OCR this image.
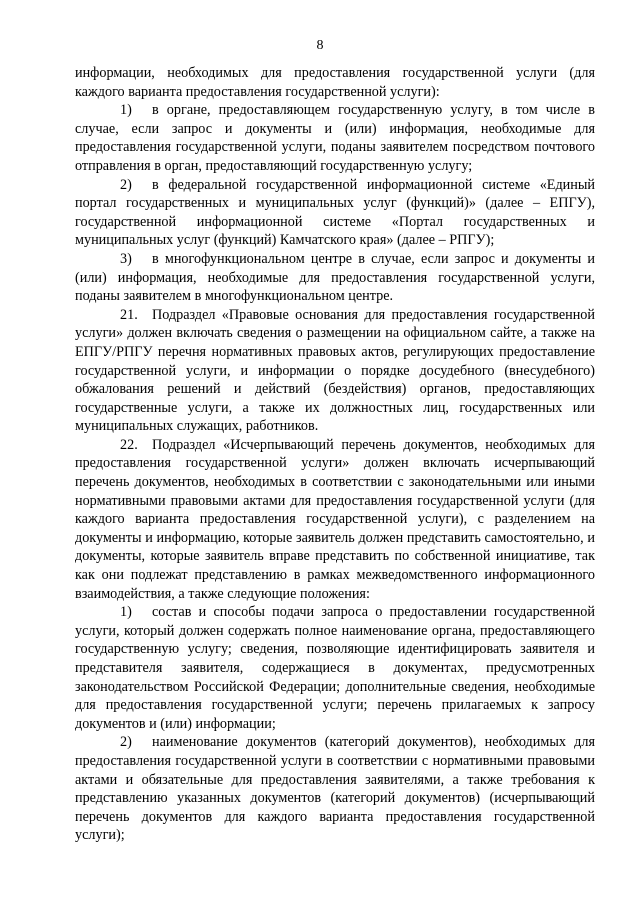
8

информации, необходимых для предоставления государственной услуги (для каждого варианта предоставления государственной услуги):

1) в органе, предоставляющем государственную услугу, в том числе в случае, если запрос и документы и (или) информация, необходимые для предоставления государственной услуги, поданы заявителем посредством почтового отправления в орган, предоставляющий государственную услугу;

2) в федеральной государственной информационной системе «Единый портал государственных и муниципальных услуг (функций)» (далее – ЕПГУ), государственной информационной системе «Портал государственных и муниципальных услуг (функций) Камчатского края» (далее – РПГУ);

3) в многофункциональном центре в случае, если запрос и документы и (или) информация, необходимые для предоставления государственной услуги, поданы заявителем в многофункциональном центре.

21. Подраздел «Правовые основания для предоставления государственной услуги» должен включать сведения о размещении на официальном сайте, а также на ЕПГУ/РПГУ перечня нормативных правовых актов, регулирующих предоставление государственной услуги, и информации о порядке досудебного (внесудебного) обжалования решений и действий (бездействия) органов, предоставляющих государственные услуги, а также их должностных лиц, государственных или муниципальных служащих, работников.

22. Подраздел «Исчерпывающий перечень документов, необходимых для предоставления государственной услуги» должен включать исчерпывающий перечень документов, необходимых в соответствии с законодательными или иными нормативными правовыми актами для предоставления государственной услуги (для каждого варианта предоставления государственной услуги), с разделением на документы и информацию, которые заявитель должен представить самостоятельно, и документы, которые заявитель вправе представить по собственной инициативе, так как они подлежат представлению в рамках межведомственного информационного взаимодействия, а также следующие положения:

1) состав и способы подачи запроса о предоставлении государственной услуги, который должен содержать полное наименование органа, предоставляющего государственную услугу; сведения, позволяющие идентифицировать заявителя и представителя заявителя, содержащиеся в документах, предусмотренных законодательством Российской Федерации; дополнительные сведения, необходимые для предоставления государственной услуги; перечень прилагаемых к запросу документов и (или) информации;

2) наименование документов (категорий документов), необходимых для предоставления государственной услуги в соответствии с нормативными правовыми актами и обязательные для предоставления заявителями, а также требования к представлению указанных документов (категорий документов) (исчерпывающий перечень документов для каждого варианта предоставления государственной услуги);
